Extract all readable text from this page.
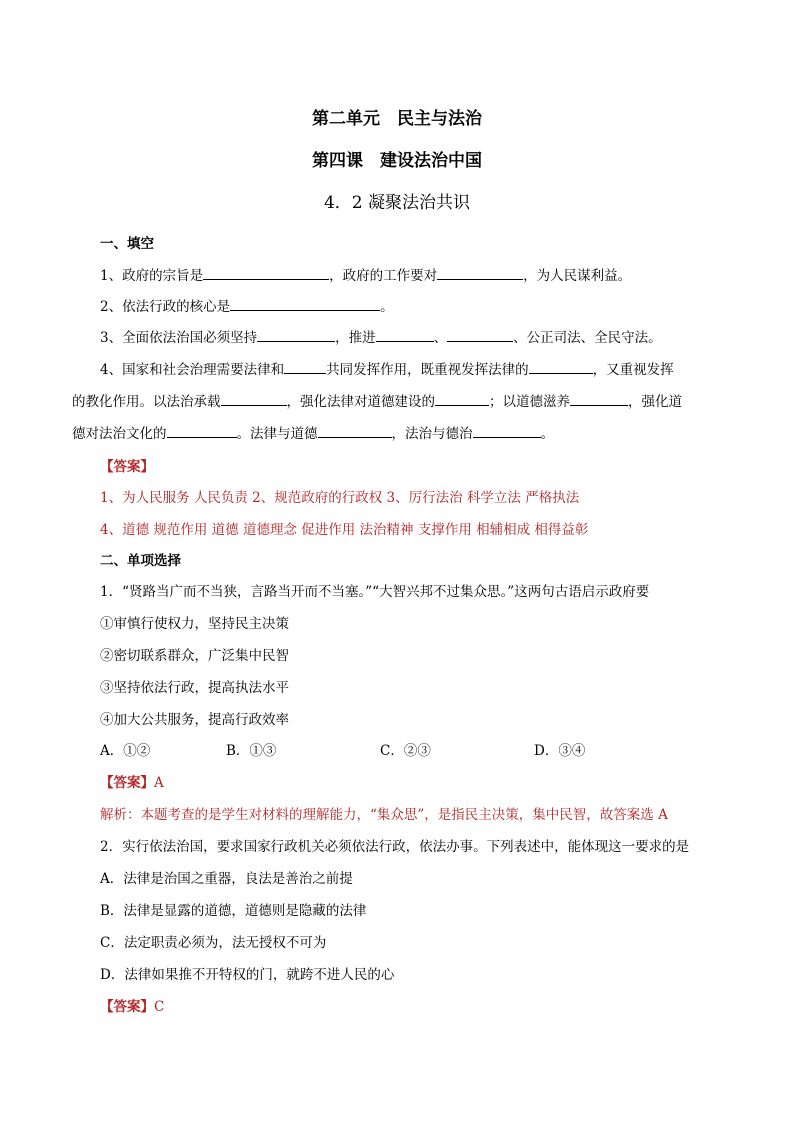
第二单元　民主与法治
第四课　建设法治中国
4．2 凝聚法治共识
一、填空
1、政府的宗旨是	，政府的工作要对	，为人民谋利益。
2、依法行政的核心是	。
3、全面依法治国必须坚持	，推进	、	、公正司法、全民守法。
4、国家和社会治理需要法律和	共同发挥作用，既重视发挥法律的	，又重视发挥
的教化作用。以法治承载	，强化法律对道德建设的	；以道德滋养	，强化道
德对法治文化的	。法律与道德	，法治与德治	。
【答案】
1、为人民服务 人民负责 2、规范政府的行政权 3、厉行法治 科学立法 严格执法
4、道德 规范作用 道德 道德理念 促进作用 法治精神 支撑作用 相辅相成 相得益彰
二、单项选择
1．“贤路当广而不当狭，言路当开而不当塞。”“大智兴邦不过集众思。”这两句古语启示政府要
①审慎行使权力，坚持民主决策
②密切联系群众，广泛集中民智
③坚持依法行政，提高执法水平
④加大公共服务，提高行政效率
A．①②	B．①③	C．②③	D．③④
【答案】A
解析：本题考查的是学生对材料的理解能力，“集众思”，是指民主决策，集中民智，故答案选 A
2．实行依法治国，要求国家行政机关必须依法行政，依法办事。下列表述中，能体现这一要求的是
A．法律是治国之重器，良法是善治之前提
B．法律是显露的道德，道德则是隐藏的法律
C．法定职责必须为，法无授权不可为
D．法律如果推不开特权的门，就跨不进人民的心
【答案】C
